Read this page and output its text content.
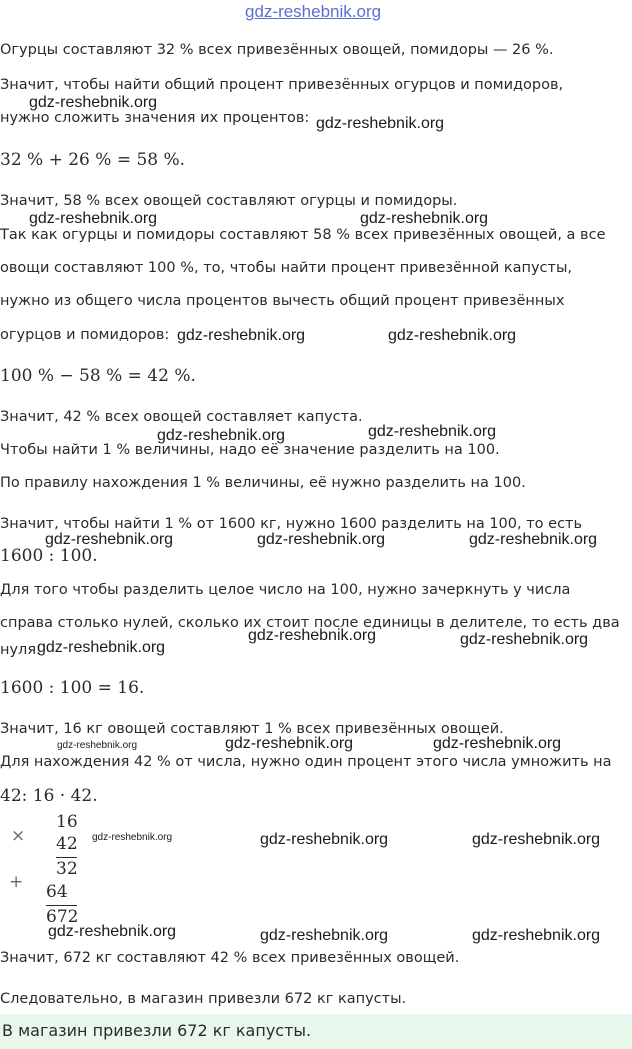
gdz-reshebnik.org
Огурцы составляют 32 % всех привезённых овощей, помидоры — 26 %.
Значит, чтобы найти общий процент привезённых огурцов и помидоров,
нужно сложить значения их процентов:
32 % + 26 % = 58 %.
Значит, 58 % всех овощей составляют огурцы и помидоры.
Так как огурцы и помидоры составляют 58 % всех привезённых овощей, а все
овощи составляют 100 %, то, чтобы найти процент привезённой капусты,
нужно из общего числа процентов вычесть общий процент привезённых
огурцов и помидоров:
100 % − 58 % = 42 %.
Значит, 42 % всех овощей составляет капуста.
Чтобы найти 1 % величины, надо её значение разделить на 100.
По правилу нахождения 1 % величины, её нужно разделить на 100.
Значит, чтобы найти 1 % от 1600 кг, нужно 1600 разделить на 100, то есть
1600 : 100.
Для того чтобы разделить целое число на 100, нужно зачеркнуть у числа
справа столько нулей, сколько их стоит после единицы в делителе, то есть два
нуля:
1600 : 100 = 16.
Значит, 16 кг овощей составляют 1 % всех привезённых овощей.
Для нахождения 42 % от числа, нужно один процент этого числа умножить на
42: 16 · 42.
Значит, 672 кг составляют 42 % всех привезённых овощей.
Следовательно, в магазин привезли 672 кг капусты.
×
16
42
32
+ 64
672
gdz-reshebnik.org
gdz-reshebnik.org
gdz-reshebnik.org	gdz-reshebnik.org
gdz-reshebnik.org	gdz-reshebnik.org
gdz-reshebnik.org	gdz-reshebnik.org
gdz-reshebnik.org	gdz-reshebnik.org	gdz-reshebnik.org
gdz-reshebnik.org	gdz-reshebnik.org
gdz-reshebnik.org
gdz-reshebnik.org	gdz-reshebnik.org	gdz-reshebnik.org
gdz-reshebnik.org	gdz-reshebnik.org	gdz-reshebnik.org
gdz-reshebnik.org	gdz-reshebnik.org	gdz-reshebnik.org
В магазин привезли 672 кг капусты.
